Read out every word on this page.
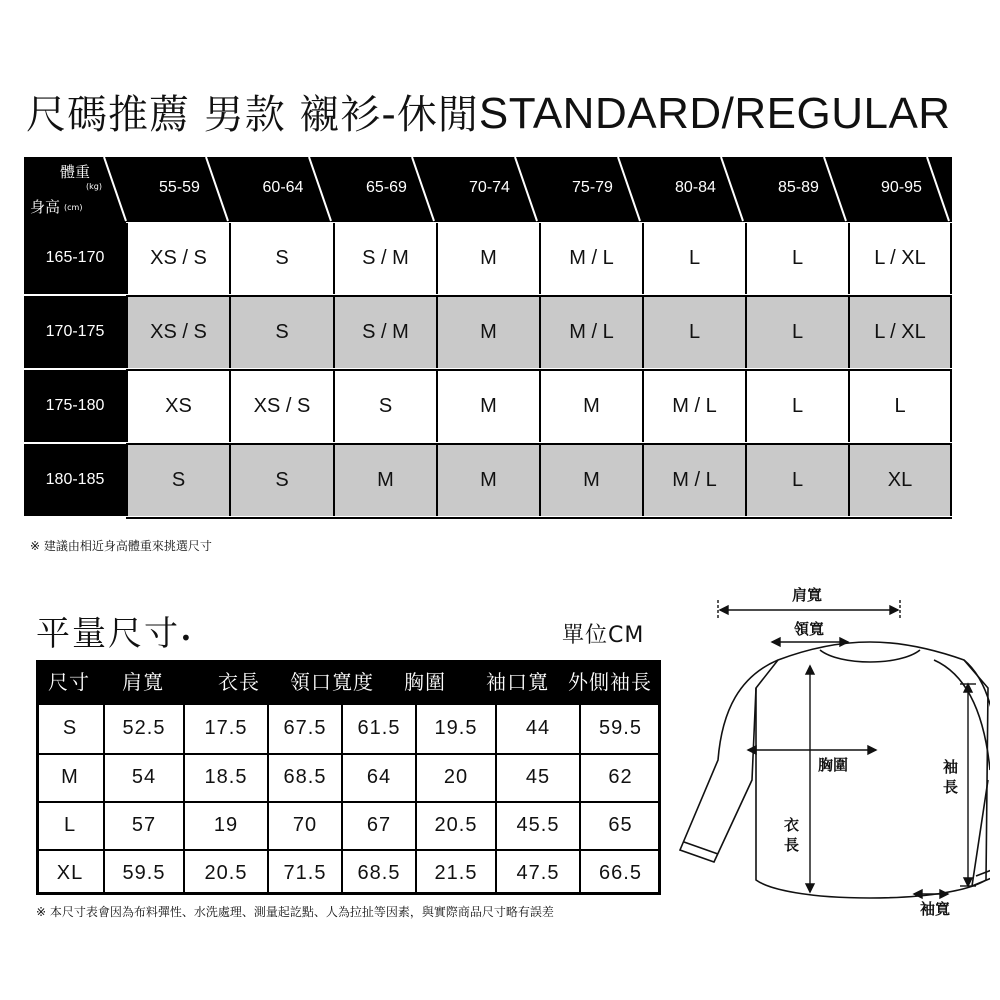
尺碼推薦 男款 襯衫-休閒STANDARD/REGULAR
體重
(kg)
身高 (cm)
55-59	60-64	65-69	70-74	75-79	80-84	85-89	90-95
165-170	XS / S	S	S / M	M	M / L	L	L	L / XL
170-175	XS / S	S	S / M	M	M / L	L	L	L / XL
175-180	XS	XS / S	S	M	M	M / L	L	L
180-185	S	S	M	M	M	M / L	L	XL
※ 建議由相近身高體重來挑選尺寸
平量尺寸•	單位CM
尺寸 肩寬	衣長 領口寬度 胸圍 袖口寬 外側袖長
S	52.5	17.5	67.5	61.5	19.5	44	59.5
M	54	18.5	68.5	64	20	45	62
L	57	19	70	67	20.5	45.5	65
XL	59.5	20.5	71.5	68.5	21.5	47.5	66.5
※ 本尺寸表會因為布料彈性、水洗處理、測量起訖點、人為拉扯等因素，與實際商品尺寸略有誤差
肩寬
領寬
胸圍
衣
長
袖
長
袖寬
